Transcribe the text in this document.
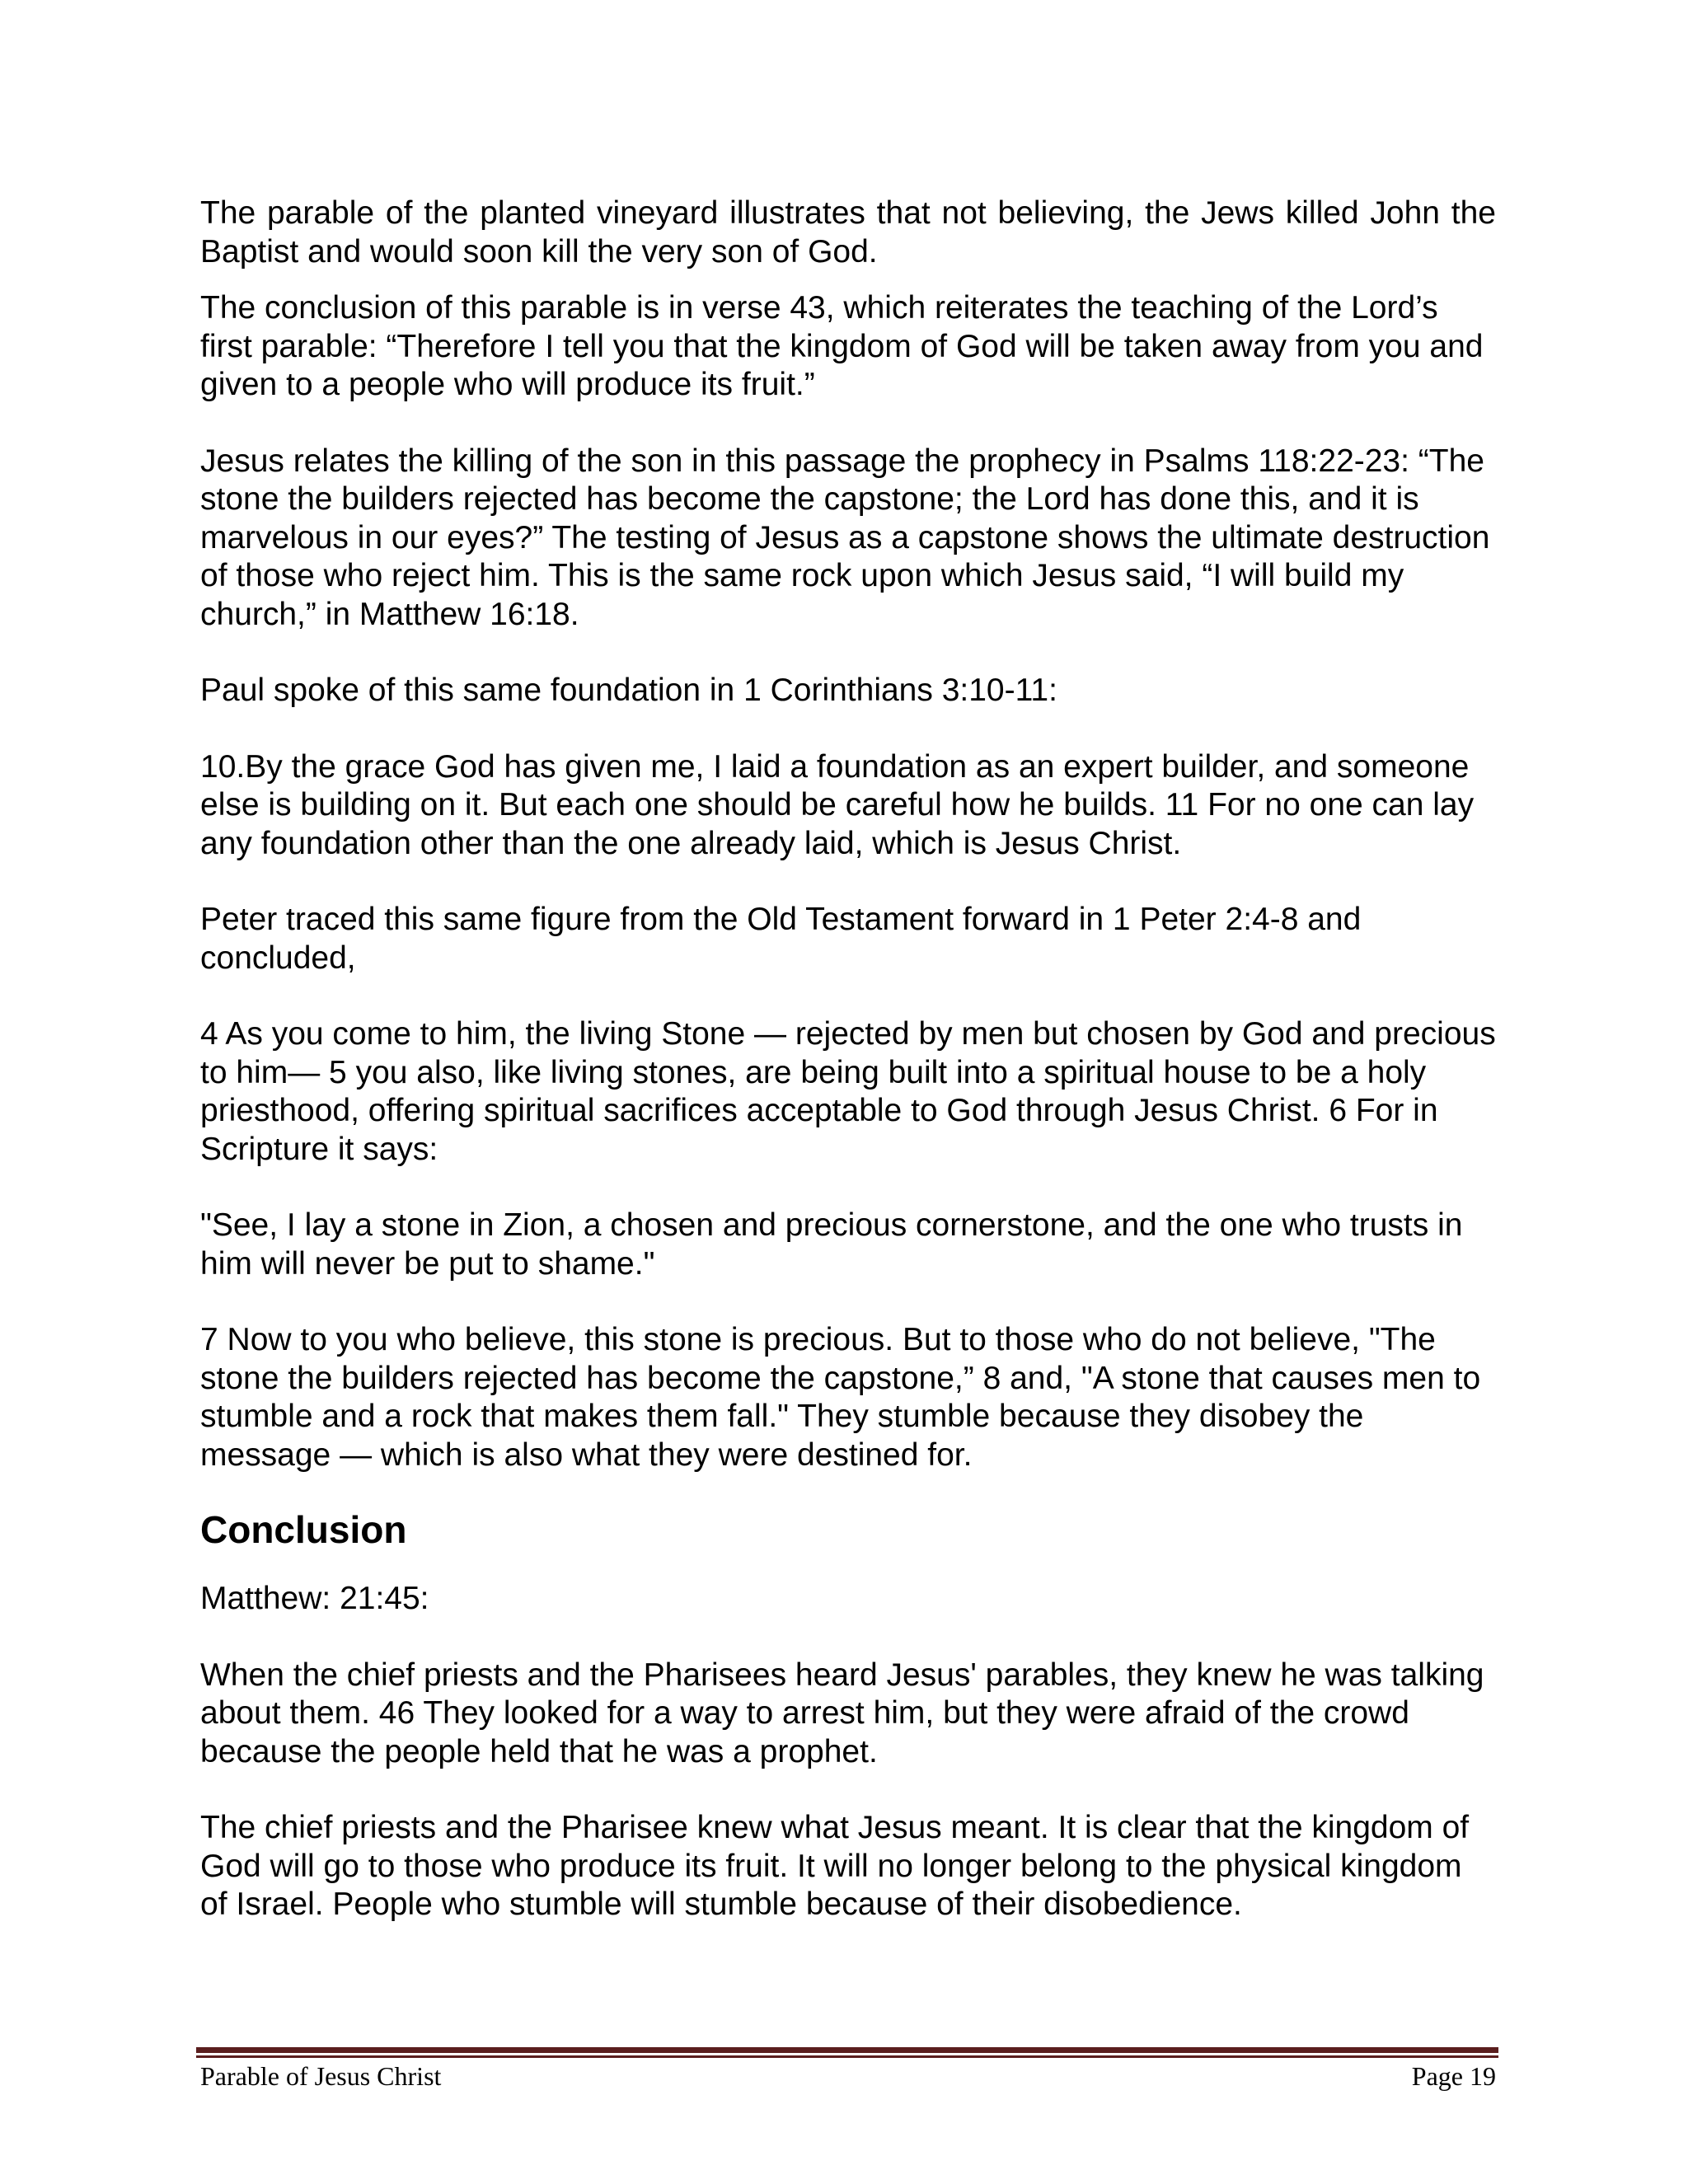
The parable of the planted vineyard illustrates that not believing, the Jews killed John the Baptist and would soon kill the very son of God.

The conclusion of this parable is in verse 43, which reiterates the teaching of the Lord’s first parable: “Therefore I tell you that the kingdom of God will be taken away from you and given to a people who will produce its fruit.”

Jesus relates the killing of the son in this passage the prophecy in Psalms 118:22-23: “The stone the builders rejected has become the capstone; the Lord has done this, and it is marvelous in our eyes?” The testing of Jesus as a capstone shows the ultimate destruction of those who reject him. This is the same rock upon which Jesus said, “I will build my church,” in Matthew 16:18.

Paul spoke of this same foundation in 1 Corinthians 3:10-11:

10.By the grace God has given me, I laid a foundation as an expert builder, and someone else is building on it. But each one should be careful how he builds. 11 For no one can lay any foundation other than the one already laid, which is Jesus Christ.

Peter traced this same figure from the Old Testament forward in 1 Peter 2:4-8 and concluded,

4 As you come to him, the living Stone — rejected by men but chosen by God and precious to him— 5 you also, like living stones, are being built into a spiritual house to be a holy priesthood, offering spiritual sacrifices acceptable to God through Jesus Christ. 6 For in Scripture it says:

"See, I lay a stone in Zion, a chosen and precious cornerstone, and the one who trusts in him will never be put to shame."

7 Now to you who believe, this stone is precious. But to those who do not believe, "The stone the builders rejected has become the capstone,” 8 and, "A stone that causes men to stumble and a rock that makes them fall." They stumble because they disobey the message — which is also what they were destined for.

Conclusion

Matthew: 21:45:

When the chief priests and the Pharisees heard Jesus' parables, they knew he was talking about them. 46 They looked for a way to arrest him, but they were afraid of the crowd because the people held that he was a prophet.

The chief priests and the Pharisee knew what Jesus meant. It is clear that the kingdom of God will go to those who produce its fruit. It will no longer belong to the physical kingdom of Israel. People who stumble will stumble because of their disobedience.

Parable of Jesus Christ	Page 19
